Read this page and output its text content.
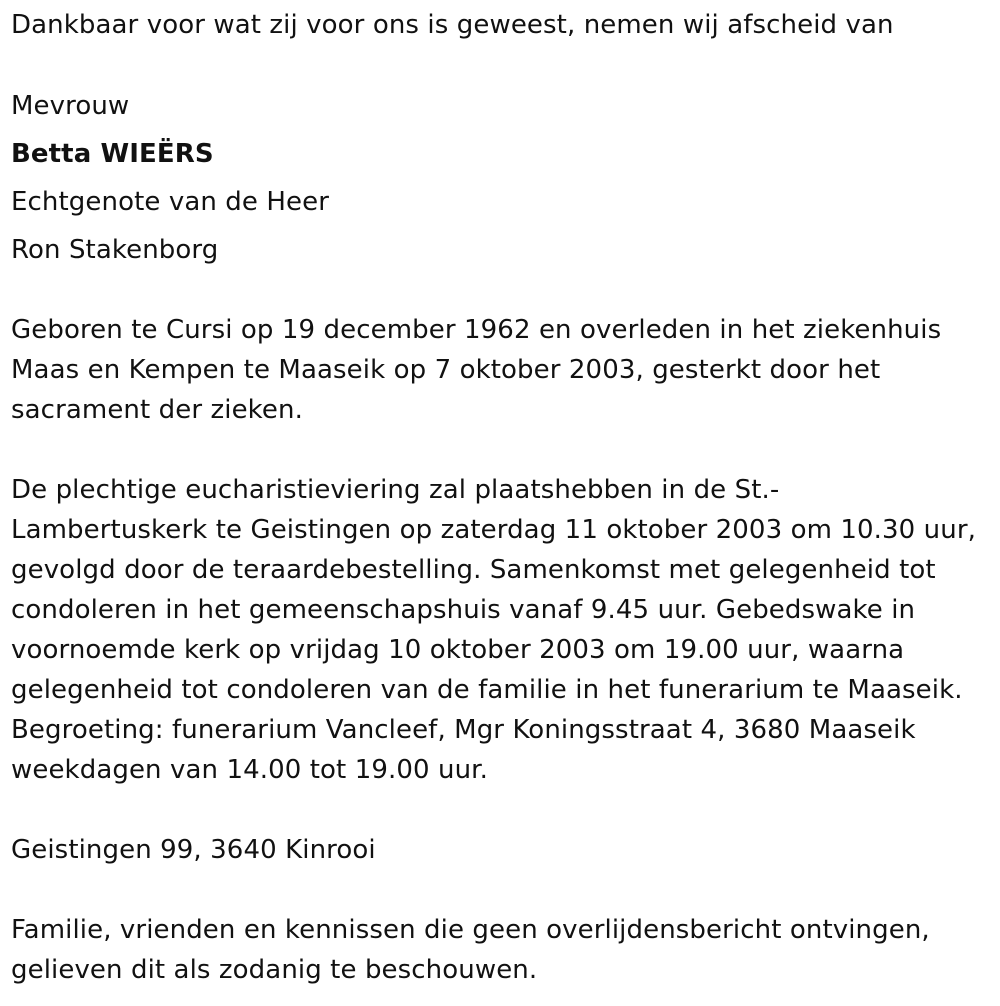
Dankbaar voor wat zij voor ons is geweest, nemen wij afscheid van

Mevrouw

Betta WIEËRS

Echtgenote van de Heer

Ron Stakenborg

Geboren te Cursi op 19 december 1962 en overleden in het ziekenhuis

Maas en Kempen te Maaseik op 7 oktober 2003, gesterkt door het

sacrament der zieken.

De plechtige eucharistieviering zal plaatshebben in de St.-

Lambertuskerk te Geistingen op zaterdag 11 oktober 2003 om 10.30 uur,

gevolgd door de teraardebestelling. Samenkomst met gelegenheid tot

condoleren in het gemeenschapshuis vanaf 9.45 uur. Gebedswake in

voornoemde kerk op vrijdag 10 oktober 2003 om 19.00 uur, waarna

gelegenheid tot condoleren van de familie in het funerarium te Maaseik.

Begroeting: funerarium Vancleef, Mgr Koningsstraat 4, 3680 Maaseik

weekdagen van 14.00 tot 19.00 uur.

Geistingen 99, 3640 Kinrooi

Familie, vrienden en kennissen die geen overlijdensbericht ontvingen,

gelieven dit als zodanig te beschouwen.
